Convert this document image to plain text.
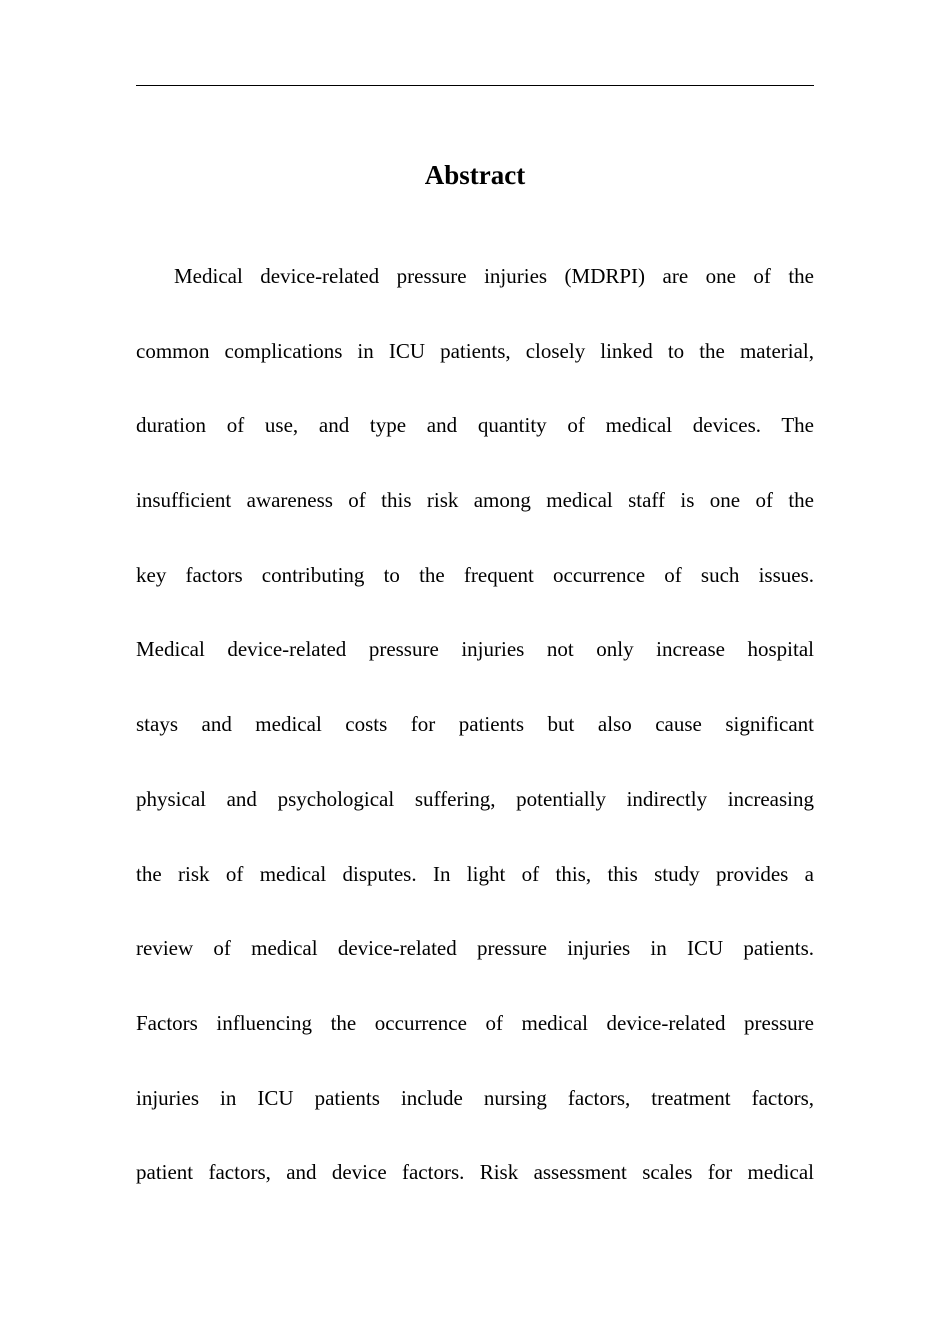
Abstract
Medical device-related pressure injuries (MDRPI) are one of the
common complications in ICU patients, closely linked to the material,
duration of use, and type and quantity of medical devices. The
insufficient awareness of this risk among medical staff is one of the
key factors contributing to the frequent occurrence of such issues.
Medical device-related pressure injuries not only increase hospital
stays and medical costs for patients but also cause significant
physical and psychological suffering, potentially indirectly increasing
the risk of medical disputes. In light of this, this study provides a
review of medical device-related pressure injuries in ICU patients.
Factors influencing the occurrence of medical device-related pressure
injuries in ICU patients include nursing factors, treatment factors,
patient factors, and device factors. Risk assessment scales for medical
